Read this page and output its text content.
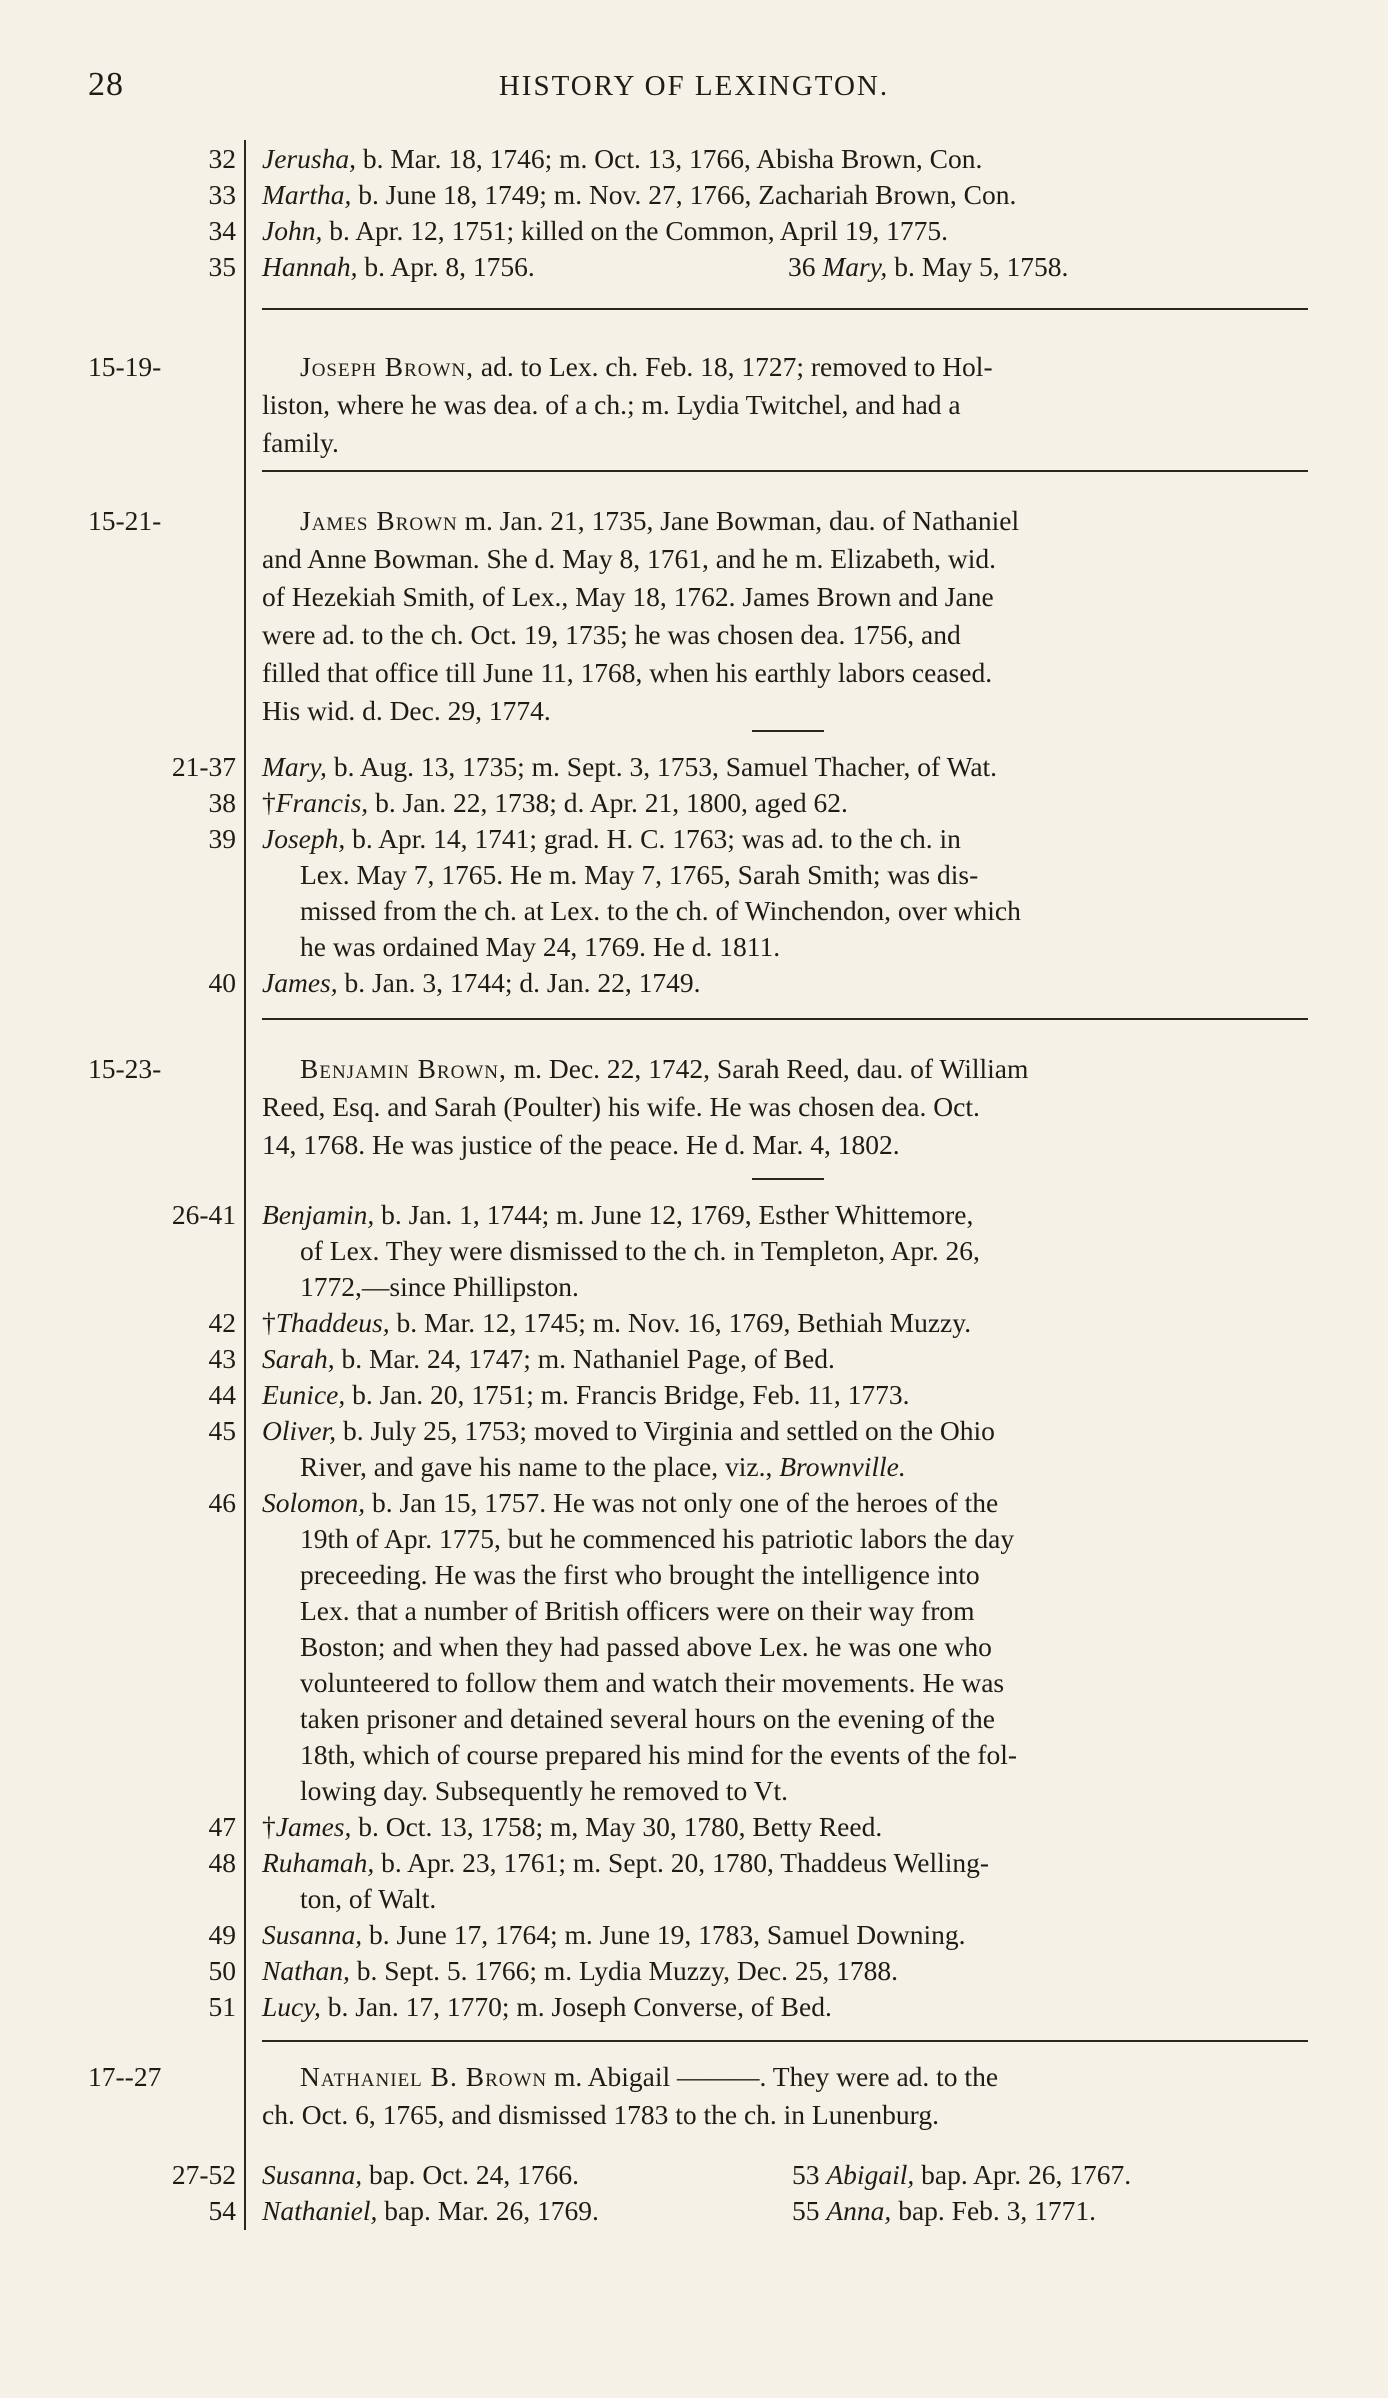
28	HISTORY OF LEXINGTON.
32 Jerusha, b. Mar. 18, 1746; m. Oct. 13, 1766, Abisha Brown, Con.
33 Martha, b. June 18, 1749; m. Nov. 27, 1766, Zachariah Brown, Con.
34 John, b. Apr. 12, 1751; killed on the Common, April 19, 1775.
35 Hannah, b. Apr. 8, 1756.	36 Mary, b. May 5, 1758.
15-19-	Joseph Brown, ad. to Lex. ch. Feb. 18, 1727; removed to Hol-
liston, where he was dea. of a ch.; m. Lydia Twitchel, and had a
family.
15-21-	James Brown m. Jan. 21, 1735, Jane Bowman, dau. of Nathaniel
and Anne Bowman. She d. May 8, 1761, and he m. Elizabeth, wid.
of Hezekiah Smith, of Lex., May 18, 1762. James Brown and Jane
were ad. to the ch. Oct. 19, 1735; he was chosen dea. 1756, and
filled that office till June 11, 1768, when his earthly labors ceased.
His wid. d. Dec. 29, 1774.
21-37 Mary, b. Aug. 13, 1735; m. Sept. 3, 1753, Samuel Thacher, of Wat.
38 †Francis, b. Jan. 22, 1738; d. Apr. 21, 1800, aged 62.
39 Joseph, b. Apr. 14, 1741; grad. H. C. 1763; was ad. to the ch. in
Lex. May 7, 1765. He m. May 7, 1765, Sarah Smith; was dis-
missed from the ch. at Lex. to the ch. of Winchendon, over which
he was ordained May 24, 1769. He d. 1811.
40 James, b. Jan. 3, 1744; d. Jan. 22, 1749.
15-23-	Benjamin Brown, m. Dec. 22, 1742, Sarah Reed, dau. of William
Reed, Esq. and Sarah (Poulter) his wife. He was chosen dea. Oct.
14, 1768. He was justice of the peace. He d. Mar. 4, 1802.
26-41 Benjamin, b. Jan. 1, 1744; m. June 12, 1769, Esther Whittemore,
of Lex. They were dismissed to the ch. in Templeton, Apr. 26,
1772,—since Phillipston.
42 †Thaddeus, b. Mar. 12, 1745; m. Nov. 16, 1769, Bethiah Muzzy.
43 Sarah, b. Mar. 24, 1747; m. Nathaniel Page, of Bed.
44 Eunice, b. Jan. 20, 1751; m. Francis Bridge, Feb. 11, 1773.
45 Oliver, b. July 25, 1753; moved to Virginia and settled on the Ohio
River, and gave his name to the place, viz., Brownville.
46 Solomon, b. Jan 15, 1757. He was not only one of the heroes of the
19th of Apr. 1775, but he commenced his patriotic labors the day
preceeding. He was the first who brought the intelligence into
Lex. that a number of British officers were on their way from
Boston; and when they had passed above Lex. he was one who
volunteered to follow them and watch their movements. He was
taken prisoner and detained several hours on the evening of the
18th, which of course prepared his mind for the events of the fol-
lowing day. Subsequently he removed to Vt.
47 †James, b. Oct. 13, 1758; m, May 30, 1780, Betty Reed.
48 Ruhamah, b. Apr. 23, 1761; m. Sept. 20, 1780, Thaddeus Welling-
ton, of Walt.
49 Susanna, b. June 17, 1764; m. June 19, 1783, Samuel Downing.
50 Nathan, b. Sept. 5. 1766; m. Lydia Muzzy, Dec. 25, 1788.
51 Lucy, b. Jan. 17, 1770; m. Joseph Converse, of Bed.
17--27	Nathaniel B. Brown m. Abigail ———. They were ad. to the
ch. Oct. 6, 1765, and dismissed 1783 to the ch. in Lunenburg.
27-52 Susanna, bap. Oct. 24, 1766.	53 Abigail, bap. Apr. 26, 1767.
54 Nathaniel, bap. Mar. 26, 1769.	55 Anna, bap. Feb. 3, 1771.
